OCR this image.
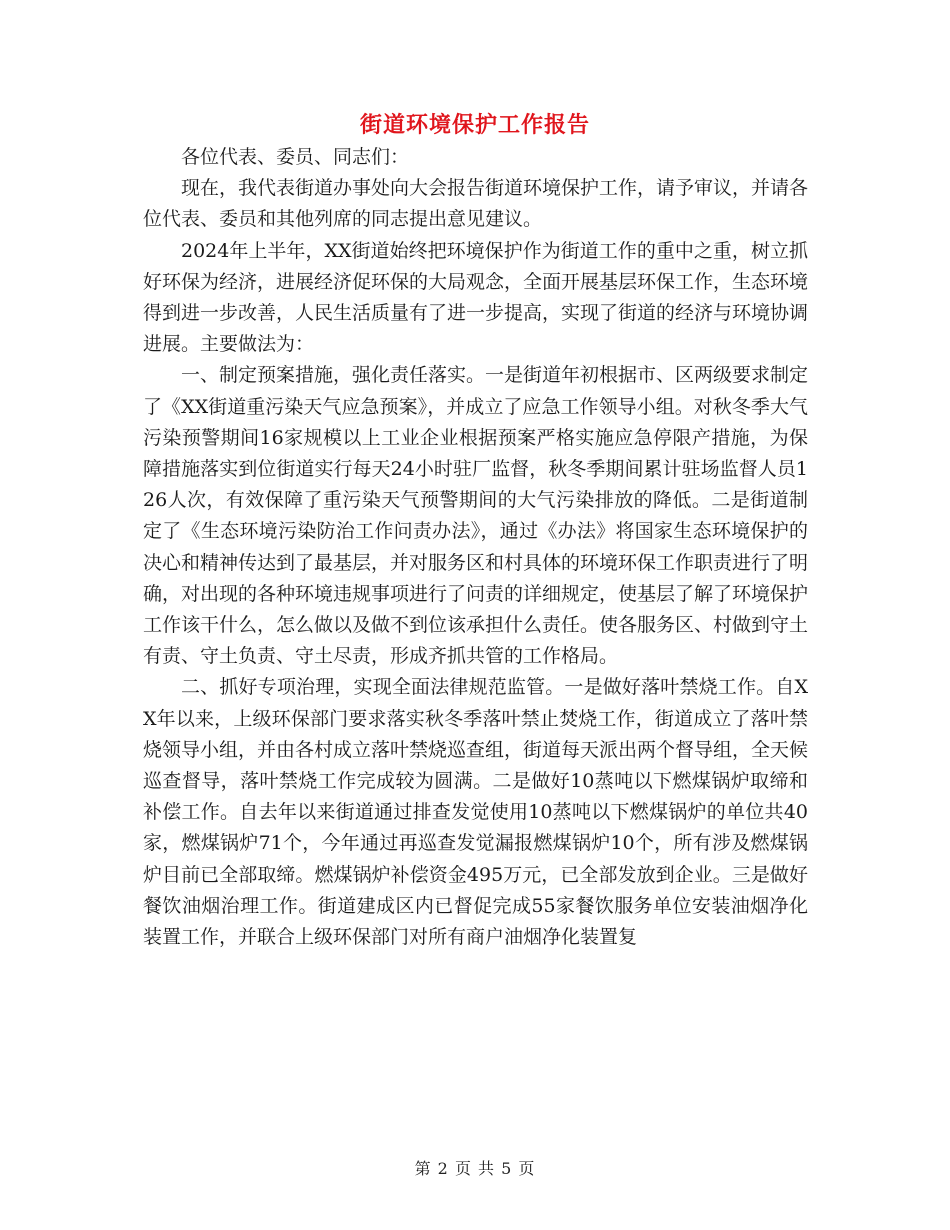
街道环境保护工作报告

各位代表、委员、同志们：

现在，我代表街道办事处向大会报告街道环境保护工作，请予审议，并请各位代表、委员和其他列席的同志提出意见建议。

2024年上半年，XX街道始终把环境保护作为街道工作的重中之重，树立抓好环保为经济，进展经济促环保的大局观念，全面开展基层环保工作，生态环境得到进一步改善，人民生活质量有了进一步提高，实现了街道的经济与环境协调进展。主要做法为：

一、制定预案措施，强化责任落实。一是街道年初根据市、区两级要求制定了《XX街道重污染天气应急预案》，并成立了应急工作领导小组。对秋冬季大气污染预警期间16家规模以上工业企业根据预案严格实施应急停限产措施，为保障措施落实到位街道实行每天24小时驻厂监督，秋冬季期间累计驻场监督人员126人次，有效保障了重污染天气预警期间的大气污染排放的降低。二是街道制定了《生态环境污染防治工作问责办法》，通过《办法》将国家生态环境保护的决心和精神传达到了最基层，并对服务区和村具体的环境环保工作职责进行了明确，对出现的各种环境违规事项进行了问责的详细规定，使基层了解了环境保护工作该干什么，怎么做以及做不到位该承担什么责任。使各服务区、村做到守土有责、守土负责、守土尽责，形成齐抓共管的工作格局。

二、抓好专项治理，实现全面法律规范监管。一是做好落叶禁烧工作。自XX年以来，上级环保部门要求落实秋冬季落叶禁止焚烧工作，街道成立了落叶禁烧领导小组，并由各村成立落叶禁烧巡查组，街道每天派出两个督导组，全天候巡查督导，落叶禁烧工作完成较为圆满。二是做好10蒸吨以下燃煤锅炉取缔和补偿工作。自去年以来街道通过排查发觉使用10蒸吨以下燃煤锅炉的单位共40家，燃煤锅炉71个，今年通过再巡查发觉漏报燃煤锅炉10个，所有涉及燃煤锅炉目前已全部取缔。燃煤锅炉补偿资金495万元，已全部发放到企业。三是做好餐饮油烟治理工作。街道建成区内已督促完成55家餐饮服务单位安装油烟净化装置工作，并联合上级环保部门对所有商户油烟净化装置复

第 2 页 共 5 页
